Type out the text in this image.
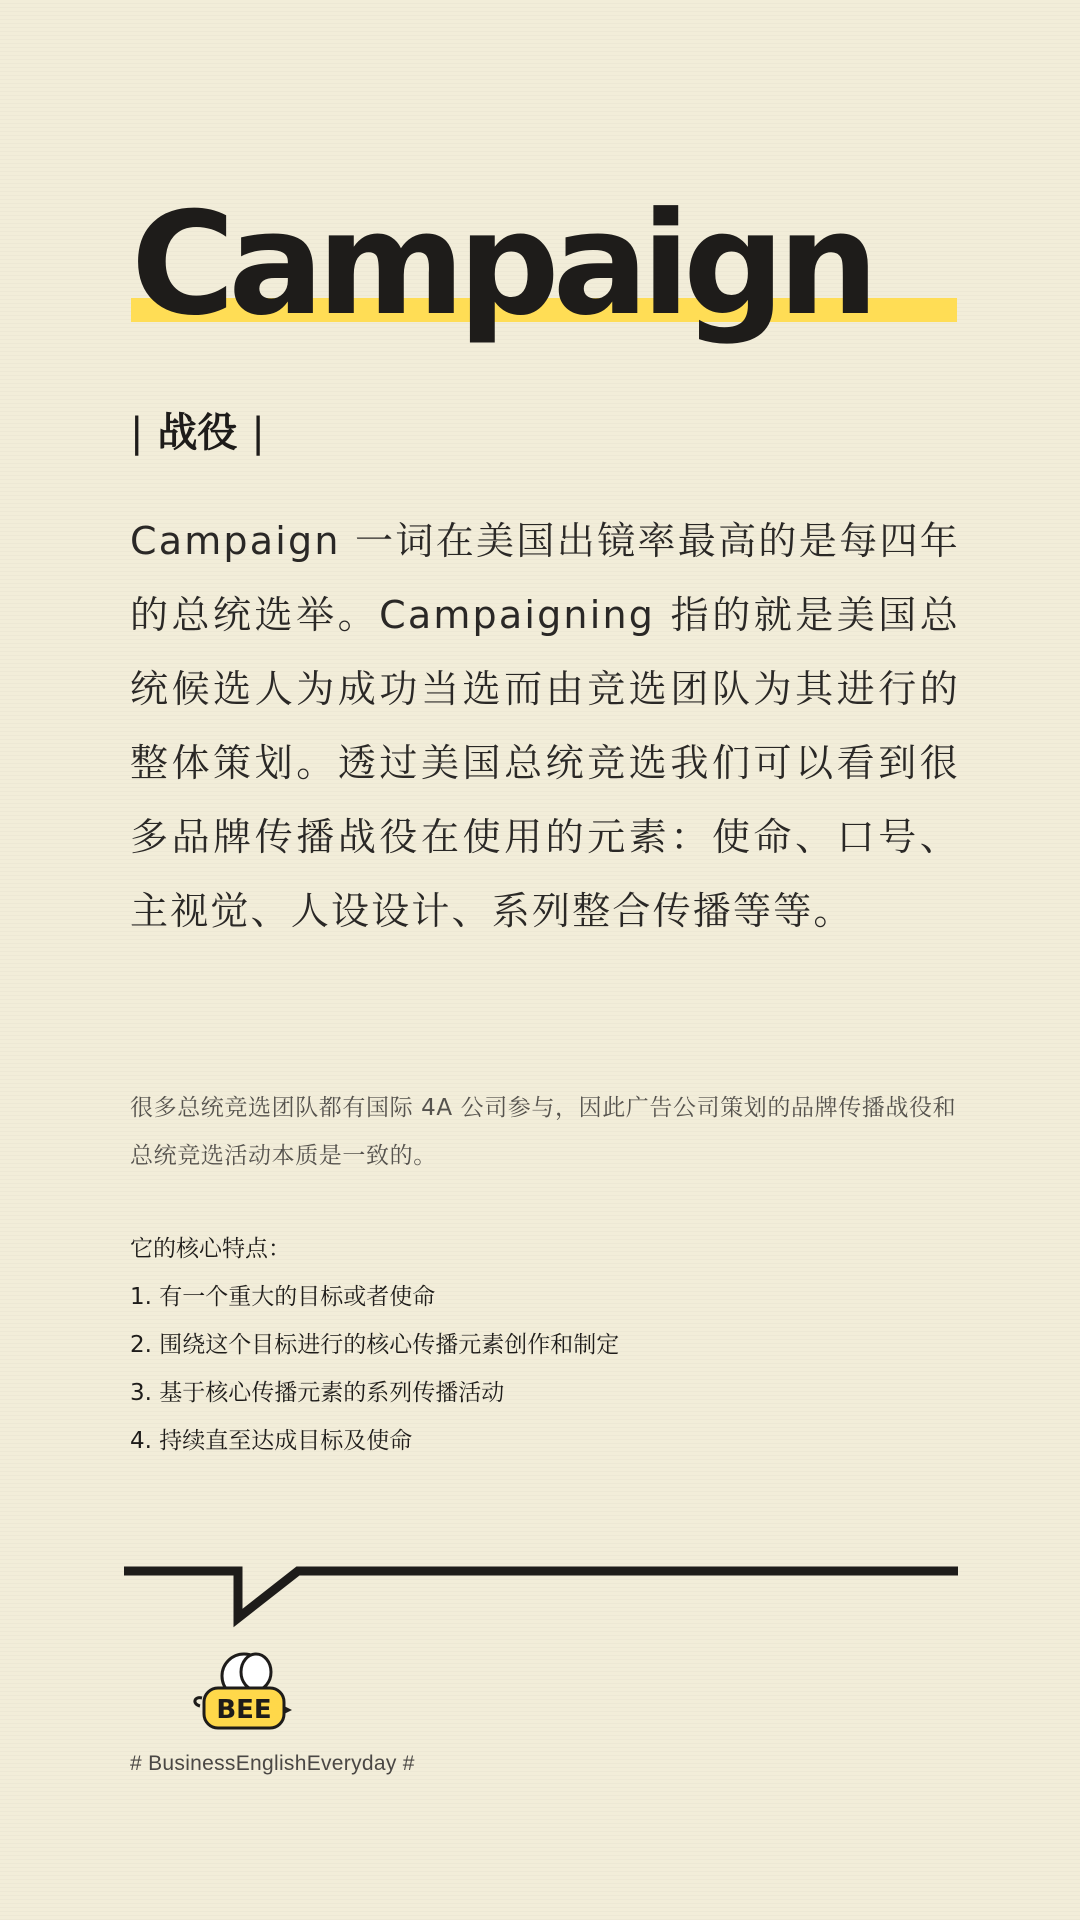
Campaign
| 战役 |

Campaign 一词在美国出镜率最高的是每四年的总统选举。Campaigning 指的就是美国总统候选人为成功当选而由竞选团队为其进行的整体策划。透过美国总统竞选我们可以看到很多品牌传播战役在使用的元素：使命、口号、主视觉、人设设计、系列整合传播等等。

很多总统竞选团队都有国际 4A 公司参与，因此广告公司策划的品牌传播战役和总统竞选活动本质是一致的。

它的核心特点：

1. 有一个重大的目标或者使命
2. 围绕这个目标进行的核心传播元素创作和制定
3. 基于核心传播元素的系列传播活动
4. 持续直至达成目标及使命
BEE

# BusinessEnglishEveryday #
